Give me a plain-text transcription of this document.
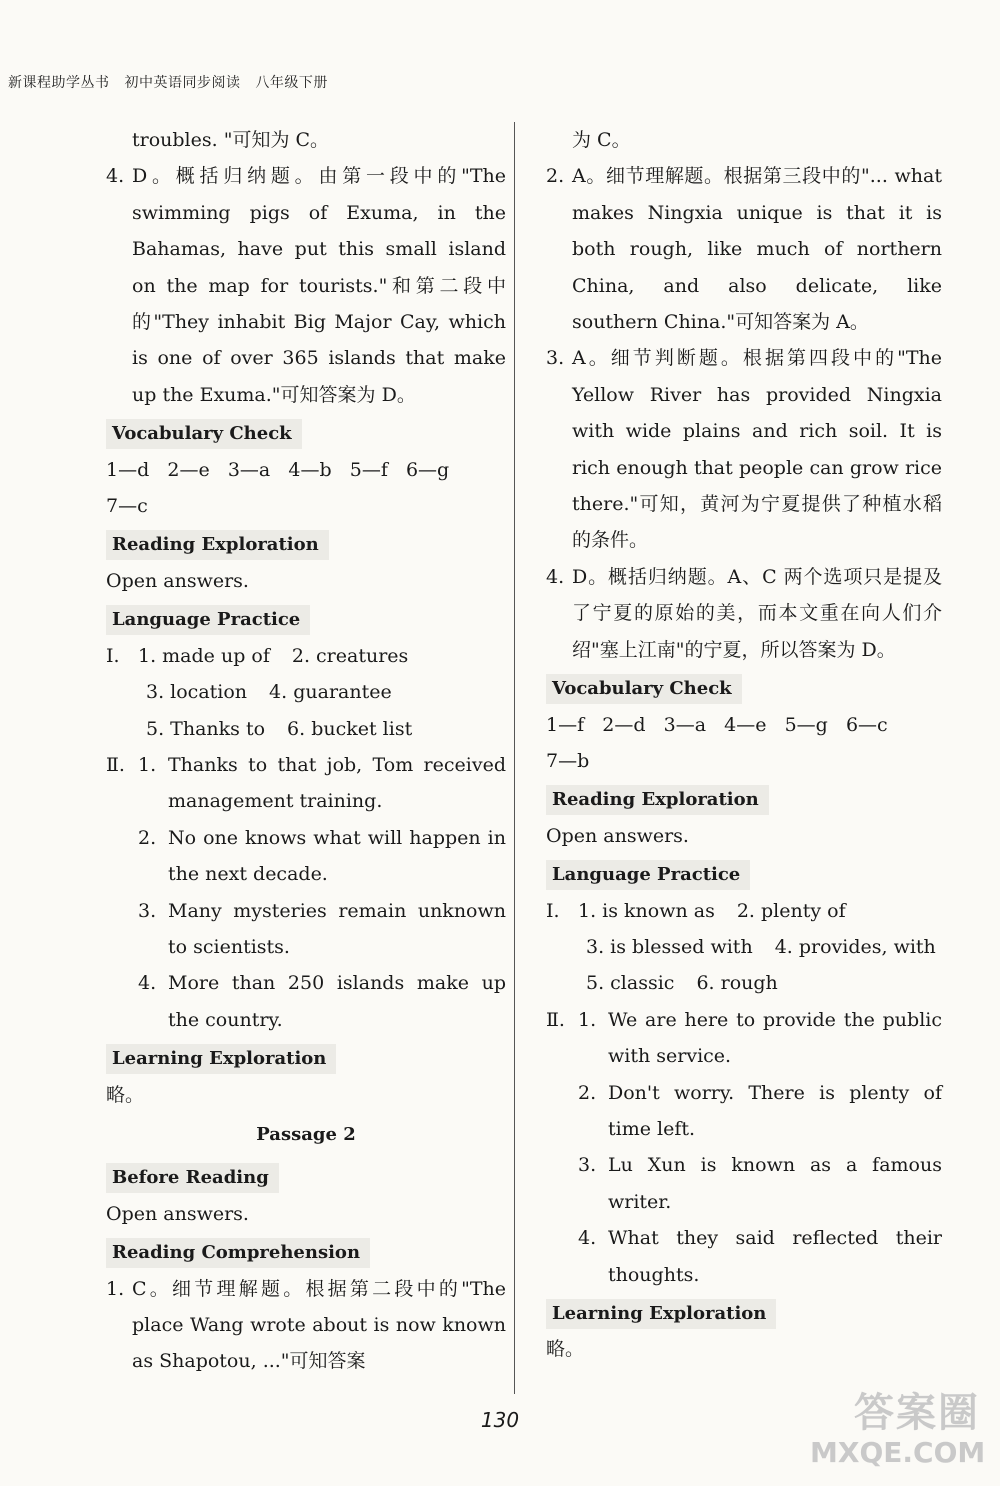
新课程助学丛书 初中英语同步阅读 八年级下册

troubles. "可知为 C。

4. D。概括归纳题。由第一段中的"The swimming pigs of Exuma, in the Bahamas, have put this small island on the map for tourists."和第二段中的"They inhabit Big Major Cay, which is one of over 365 islands that make up the Exuma."可知答案为 D。
Vocabulary Check

1—d   2—e   3—a   4—b   5—f   6—g

7—c

Reading Exploration

Open answers.

Language Practice
Ⅰ. 1. made up of 2. creatures
3. location 4. guarantee
5. Thanks to 6. bucket list
Ⅱ. 1. Thanks to that job, Tom received management training.
2. No one knows what will happen in the next decade.
3. Many mysteries remain unknown to scientists.
4. More than 250 islands make up the country.
Learning Exploration

略。

Passage 2
Before Reading

Open answers.

Reading Comprehension
1. C。细节理解题。根据第二段中的"The place Wang wrote about is now known as Shapotou, ..."可知答案

为 C。

2. A。细节理解题。根据第三段中的"... what makes Ningxia unique is that it is both rough, like much of northern China, and also delicate, like southern China."可知答案为 A。
3. A。细节判断题。根据第四段中的"The Yellow River has provided Ningxia with wide plains and rich soil. It is rich enough that people can grow rice there."可知，黄河为宁夏提供了种植水稻的条件。
4. D。概括归纳题。A、C 两个选项只是提及了宁夏的原始的美，而本文重在向人们介绍"塞上江南"的宁夏，所以答案为 D。
Vocabulary Check

1—f   2—d   3—a   4—e   5—g   6—c

7—b

Reading Exploration

Open answers.

Language Practice
Ⅰ. 1. is known as 2. plenty of
3. is blessed with 4. provides, with
5. classic 6. rough
Ⅱ. 1. We are here to provide the public with service.
2. Don't worry. There is plenty of time left.
3. Lu Xun is known as a famous writer.
4. What they said reflected their thoughts.
Learning Exploration

略。

130	答案圈
MXQE.COM
